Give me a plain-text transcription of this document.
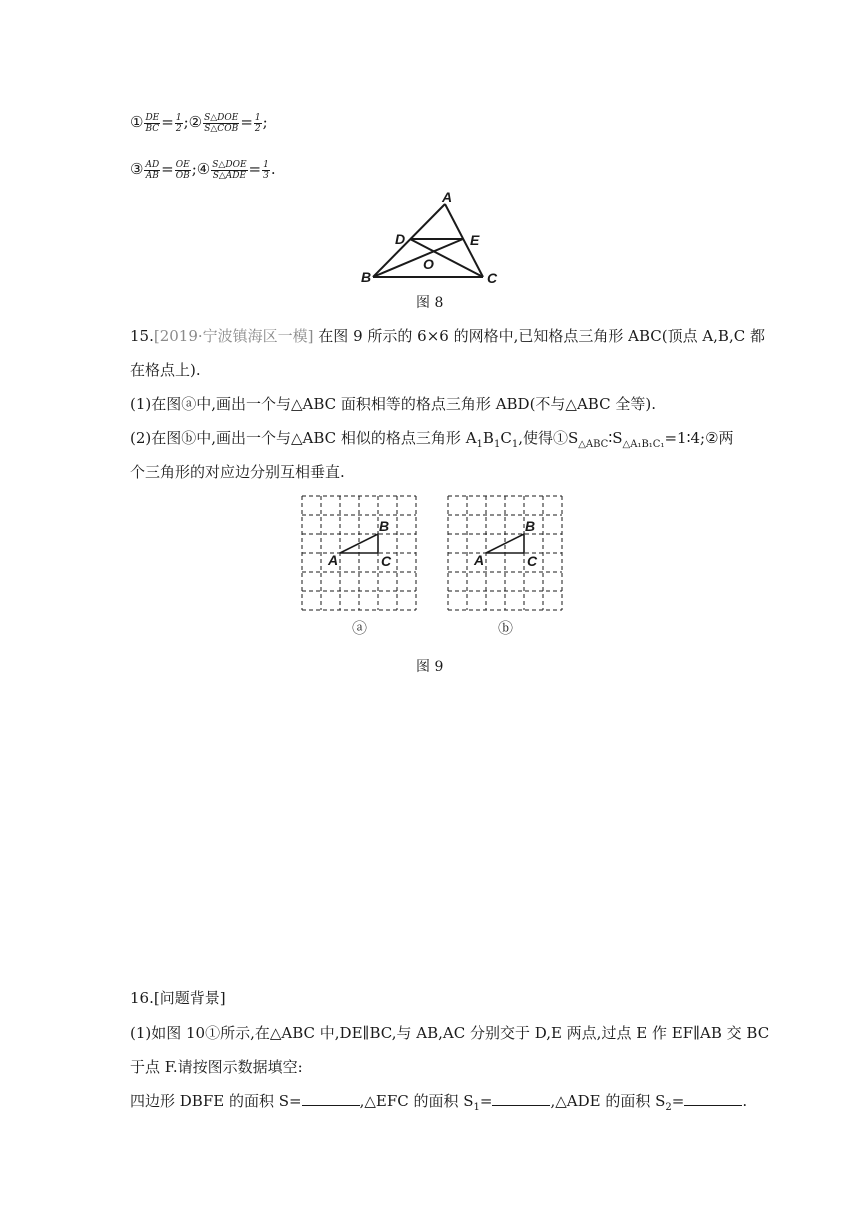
① $\frac{DE}{BC} = \frac{1}{2}$ ;② $\frac{\text{S△DOE}}{\text{S△COB}} = \frac{1}{2}$ ;
③ $\frac{AD}{AB} = \frac{OE}{OB}$ ;④ $\frac{\text{S△DOE}}{\text{S△ADE}} = \frac{1}{3}$ .
A
B	C
D	E
O
图 8
15.[2019·宁波镇海区一模] 在图 9 所示的 6×6 的网格中,已知格点三角形 ABC(顶点 A,B,C 都
在格点上).
(1)在图ⓐ中,画出一个与△ABC 面积相等的格点三角形 ABD(不与△ABC 全等).
(2)在图ⓑ中,画出一个与△ABC 相似的格点三角形 $A_1B_1C_1$,使得$①S_{\triangle ABC}∶S_{\triangle A_1B_1C_1}=1∶4;②$两
个三角形的对应边分别互相垂直.
A
B
C
ⓐ
A
B
C
ⓑ
图 9
16.[问题背景]
(1)如图 10①所示,在△ABC 中,DE∥BC,与 AB,AC 分别交于 D,E 两点,过点 E 作 EF∥AB 交 BC
于点 F.请按图示数据填空:
四边形 DBFE 的面积 S=	,△EFC 的面积 $S_1=$	,△ADE 的面积 $S_2=$	.
